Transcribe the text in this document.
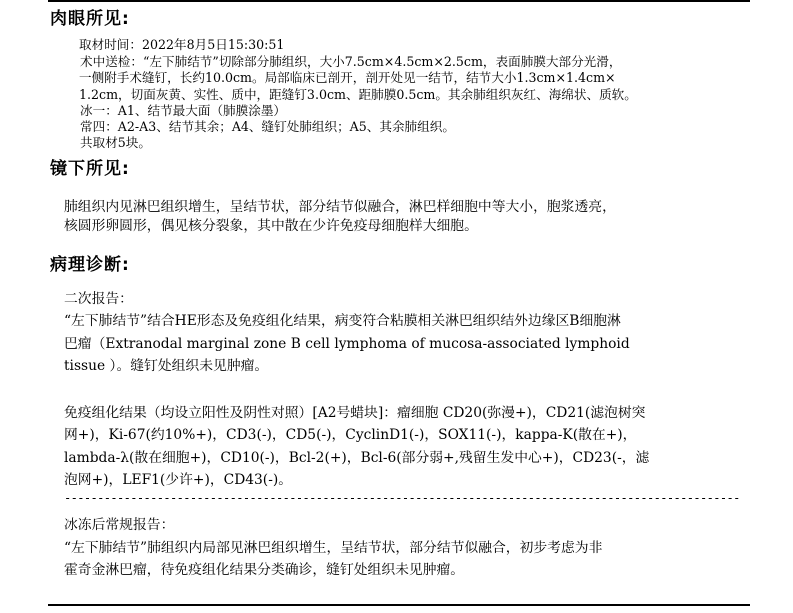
肉眼所见:
取材时间：2022年8月5日15:30:51
术中送检：“左下肺结节”切除部分肺组织，大小7.5cm×4.5cm×2.5cm，表面肺膜大部分光滑，
一侧附手术缝钉，长约10.0cm。局部临床已剖开，剖开处见一结节，结节大小1.3cm×1.4cm×
1.2cm，切面灰黄、实性、质中，距缝钉3.0cm、距肺膜0.5cm。其余肺组织灰红、海绵状、质软。
冰一：A1、结节最大面（肺膜涂墨）
常四：A2-A3、结节其余；A4、缝钉处肺组织；A5、其余肺组织。
共取材5块。
镜下所见:
肺组织内见淋巴组织增生，呈结节状，部分结节似融合，淋巴样细胞中等大小，胞浆透亮，
核圆形卵圆形，偶见核分裂象，其中散在少许免疫母细胞样大细胞。
病理诊断:
二次报告：
“左下肺结节”结合HE形态及免疫组化结果，病变符合粘膜相关淋巴组织结外边缘区B细胞淋
巴瘤（Extranodal marginal zone B cell lymphoma of mucosa-associated lymphoid
tissue ）。缝钉处组织未见肿瘤。
免疫组化结果（均设立阳性及阴性对照）[A2号蜡块]：瘤细胞 CD20(弥漫+)，CD21(滤泡树突
网+)，Ki-67(约10%+)，CD3(-)，CD5(-)，CyclinD1(-)，SOX11(-)，kappa-K(散在+)，
lambda-λ(散在细胞+)，CD10(-)，Bcl-2(+)，Bcl-6(部分弱+,残留生发中心+)，CD23(-，滤
泡网+)，LEF1(少许+)，CD43(-)。
------------------------------------------------------------------------------------------------------
冰冻后常规报告：
“左下肺结节”肺组织内局部见淋巴组织增生，呈结节状，部分结节似融合，初步考虑为非
霍奇金淋巴瘤，待免疫组化结果分类确诊，缝钉处组织未见肿瘤。
